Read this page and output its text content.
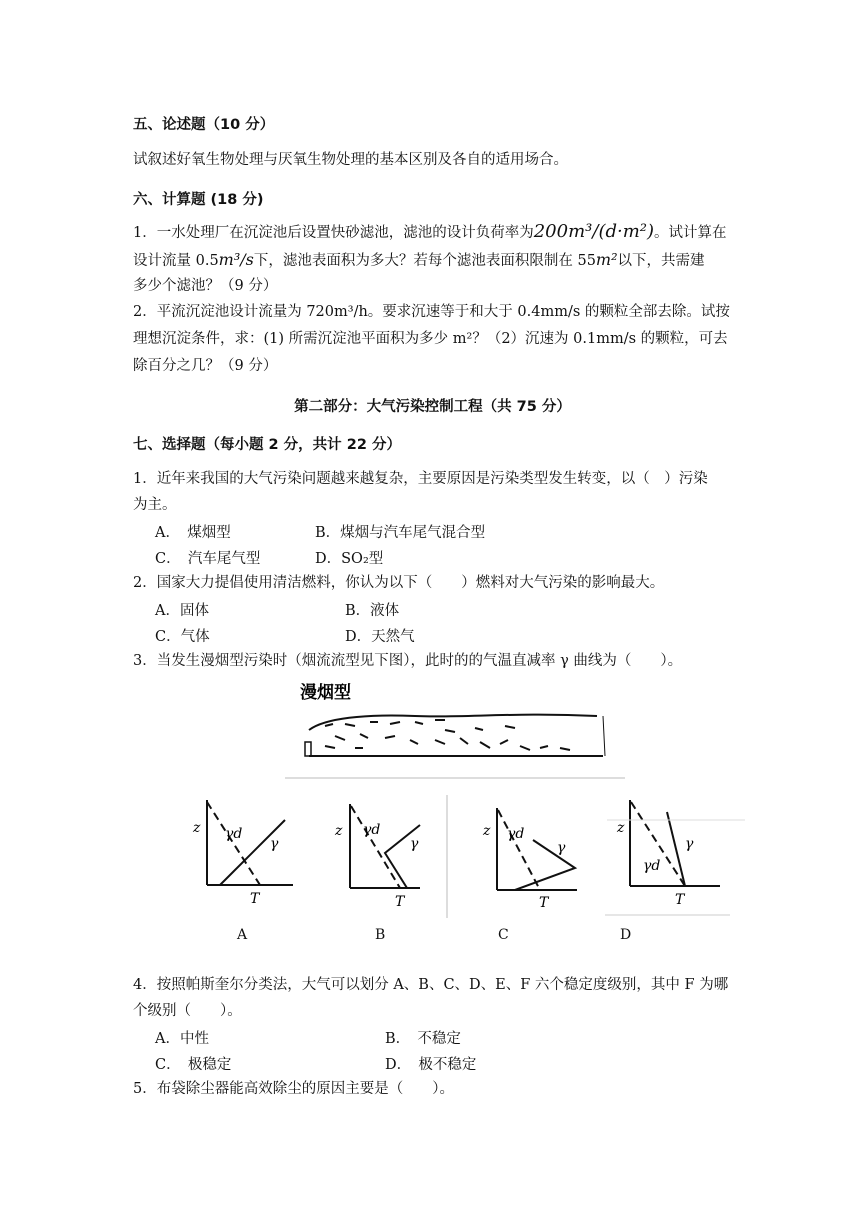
五、论述题（10 分）
试叙述好氧生物处理与厌氧生物处理的基本区别及各自的适用场合。
六、计算题 (18 分)
1．一水处理厂在沉淀池后设置快砂滤池，滤池的设计负荷率为200m³/(d·m²)。试计算在
设计流量 0.5m³/s下，滤池表面积为多大？若每个滤池表面积限制在 55m²以下，共需建
多少个滤池？（9 分）
2．平流沉淀池设计流量为 720m³/h。要求沉速等于和大于 0.4mm/s 的颗粒全部去除。试按
理想沉淀条件，求：(1) 所需沉淀池平面积为多少 m²？（2）沉速为 0.1mm/s 的颗粒，可去
除百分之几？（9 分）
第二部分：大气污染控制工程（共 75 分）
七、选择题（每小题 2 分，共计 22 分）
1．近年来我国的大气污染问题越来越复杂，主要原因是污染类型发生转变，以（　）污染
为主。
A．　煤烟型	B．煤烟与汽车尾气混合型
C．　汽车尾气型	D．SO₂型
2．国家大力提倡使用清洁燃料，你认为以下（　　）燃料对大气污染的影响最大。
A．固体	B．液体
C．气体	D．天然气
3．当发生漫烟型污染时（烟流流型见下图），此时的的气温直减率 γ 曲线为（　　）。
漫烟型
z γd
γ
T
z γd
γ
T
z γd
γ
T
z
γd
γ
T
A	B	C	D
4．按照帕斯奎尔分类法，大气可以划分 A、B、C、D、E、F 六个稳定度级别，其中 F 为哪
个级别（　　）。
A．中性	B．　不稳定
C．　极稳定	D．　极不稳定
5．布袋除尘器能高效除尘的原因主要是（　　）。
